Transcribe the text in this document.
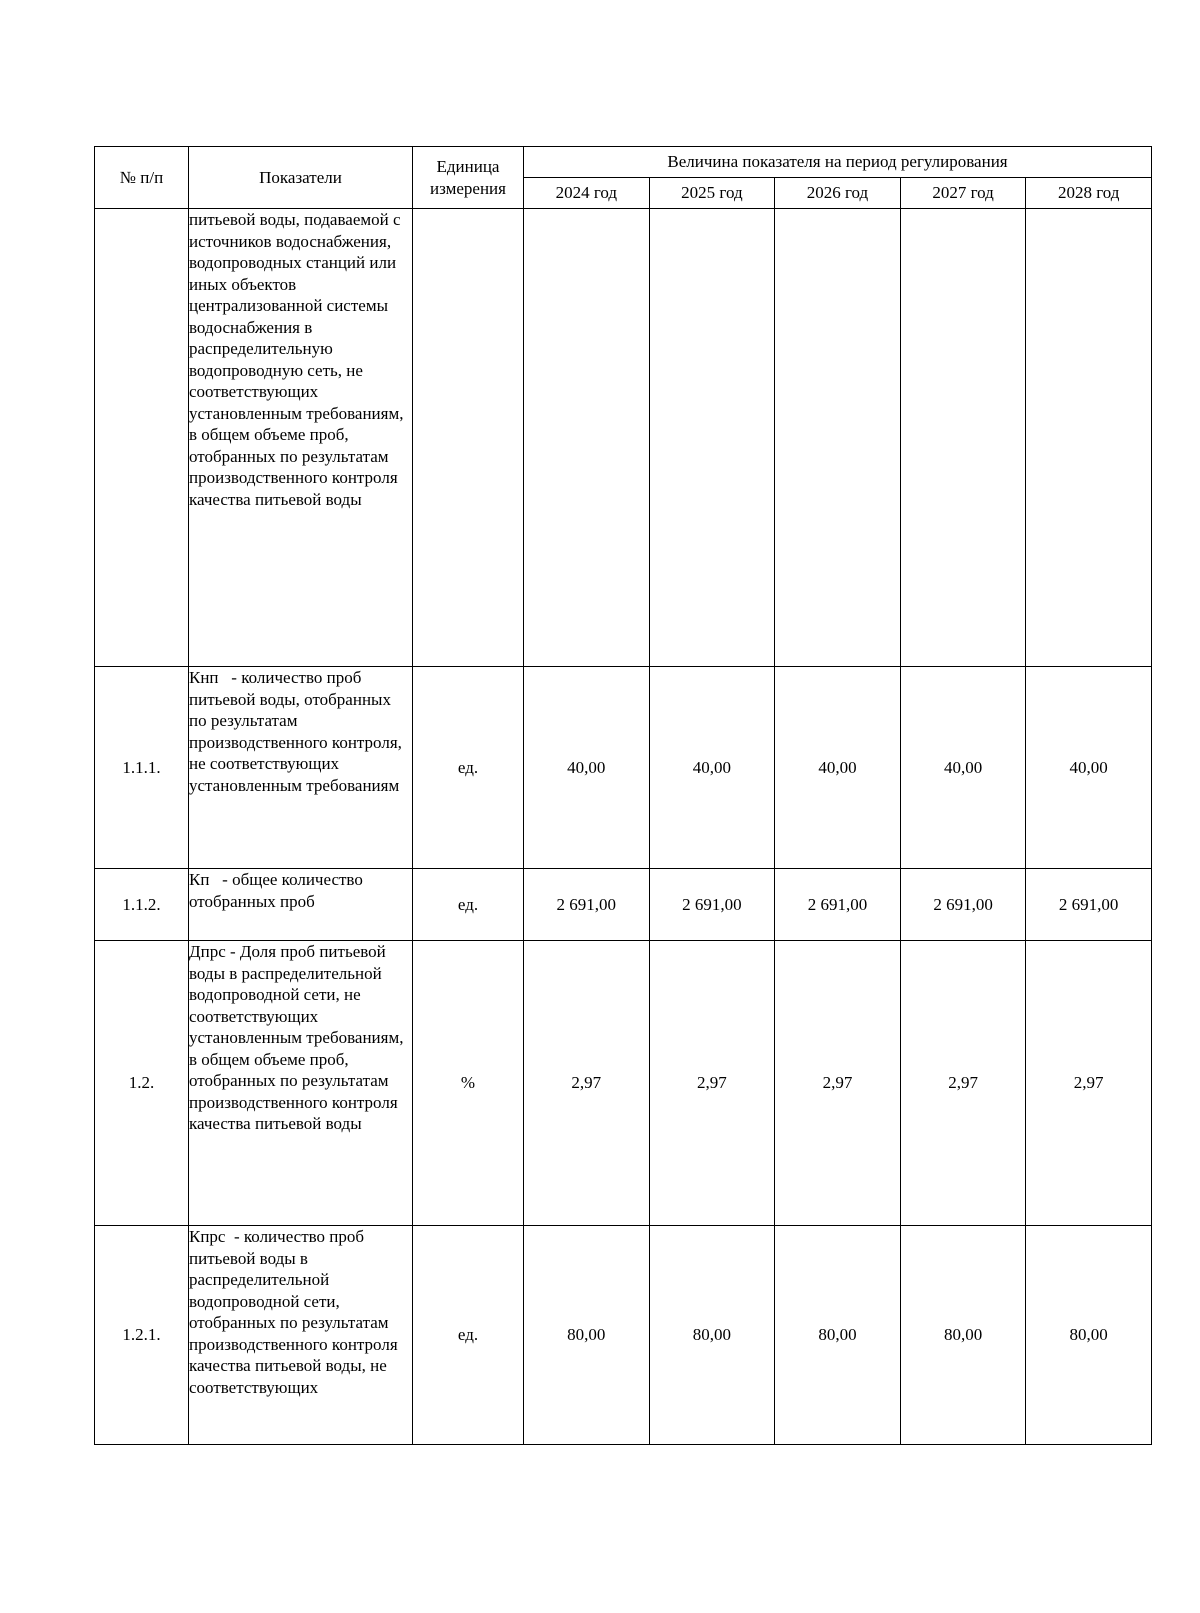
№ п/п	Показатели	Единица измерения	Величина показателя на период регулирования				
			2024 год	2025 год	2026 год	2027 год	2028 год
	питьевой воды, подаваемой с источников водоснабжения, водопроводных станций или иных объектов централизованной системы водоснабжения в распределительную водопроводную сеть, не соответствующих установленным требованиям, в общем объеме проб, отобранных по результатам производственного контроля качества питьевой воды						
1.1.1.	Кнп   - количество проб питьевой воды, отобранных по результатам производственного контроля, не соответствующих установленным требованиям	ед.	40,00	40,00	40,00	40,00	40,00
1.1.2.	Кп   - общее количество отобранных проб	ед.	2 691,00	2 691,00	2 691,00	2 691,00	2 691,00
1.2.	Дпрс - Доля проб питьевой воды в распределительной водопроводной сети, не соответствующих установленным требованиям, в общем объеме проб, отобранных по результатам производственного контроля качества питьевой воды	%	2,97	2,97	2,97	2,97	2,97
1.2.1.	Кпрс  - количество проб питьевой воды в распределительной водопроводной сети, отобранных по результатам производственного контроля качества питьевой воды, не соответствующих	ед.	80,00	80,00	80,00	80,00	80,00
